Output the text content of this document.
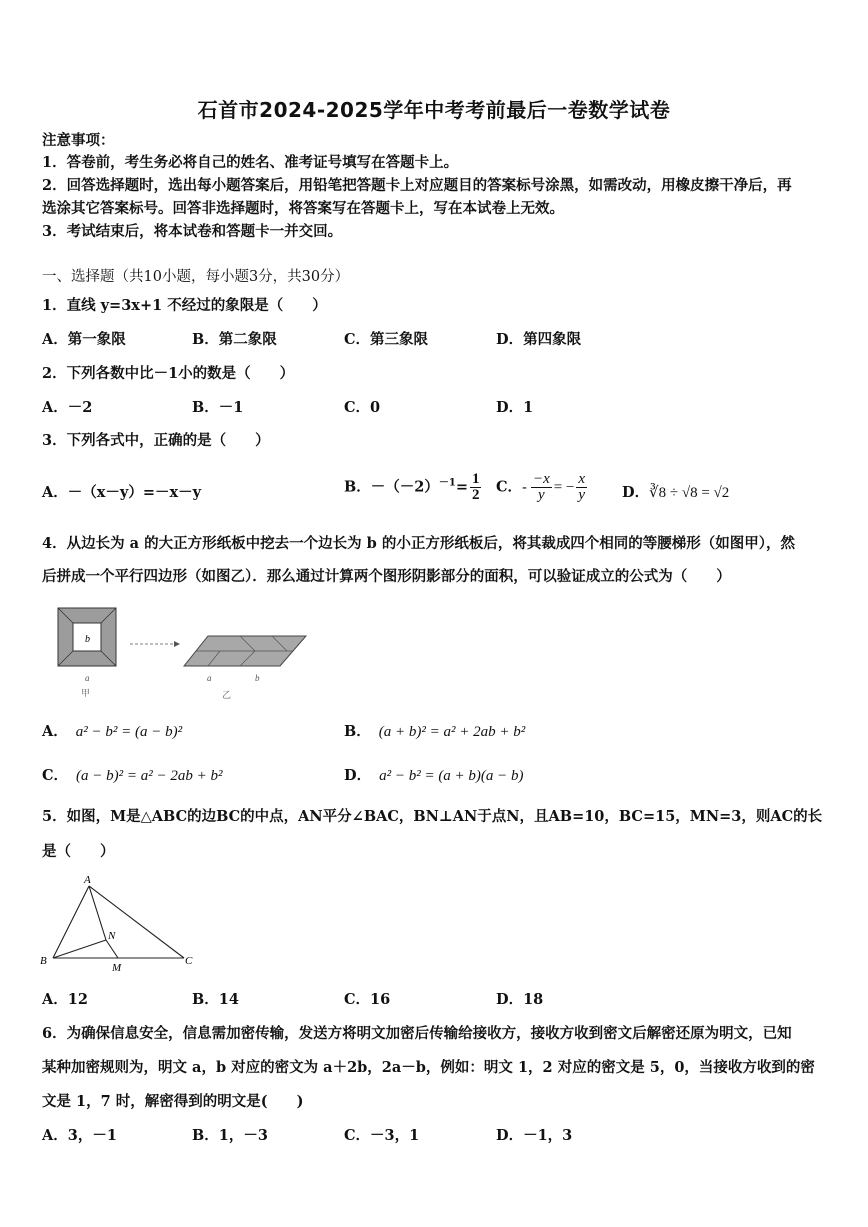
石首市2024-2025学年中考考前最后一卷数学试卷
注意事项：
1．答卷前，考生务必将自己的姓名、准考证号填写在答题卡上。
2．回答选择题时，选出每小题答案后，用铅笔把答题卡上对应题目的答案标号涂黑，如需改动，用橡皮擦干净后，再
选涂其它答案标号。回答非选择题时，将答案写在答题卡上，写在本试卷上无效。
3．考试结束后，将本试卷和答题卡一并交回。
一、选择题（共10小题，每小题3分，共30分）
1．直线 y=3x+1 不经过的象限是（　　）
A．第一象限	B．第二象限	C．第三象限	D．第四象限
2．下列各数中比－1小的数是（　　）
A．－2	B．－1	C．0	D．1
3．下列各式中，正确的是（　　）
A．－（x－y）=－x－y	B．$-(-2)^{-1}= \frac{1}{2}$ C．- $\frac{-x}{y}$ = − $\frac{x}{y}$ D．∛8 ÷ √8 = √2
4．从边长为 a 的大正方形纸板中挖去一个边长为 b 的小正方形纸板后，将其裁成四个相同的等腰梯形（如图甲），然
后拼成一个平行四边形（如图乙）．那么通过计算两个图形阴影部分的面积，可以验证成立的公式为（　　）
b
a
甲
a	b
乙
A． a² − b² = (a − b)²	B． (a + b)² = a² + 2ab + b²
C． (a − b)² = a² − 2ab + b²	D． a² − b² = (a + b)(a − b)
5．如图，M是△ABC的边BC的中点，AN平分∠BAC，BN⊥AN于点N，且AB=10，BC=15，MN=3，则AC的长
是（　　）
A
B	C
N
M
A．12	B．14	C．16	D．18
6．为确保信息安全，信息需加密传输，发送方将明文加密后传输给接收方，接收方收到密文后解密还原为明文，已知
某种加密规则为，明文 a，b 对应的密文为 a＋2b，2a－b，例如：明文 1，2 对应的密文是 5，0，当接收方收到的密
文是 1，7 时，解密得到的明文是(　　)
A．3，－1	B．1，－3	C．－3，1	D．－1，3
